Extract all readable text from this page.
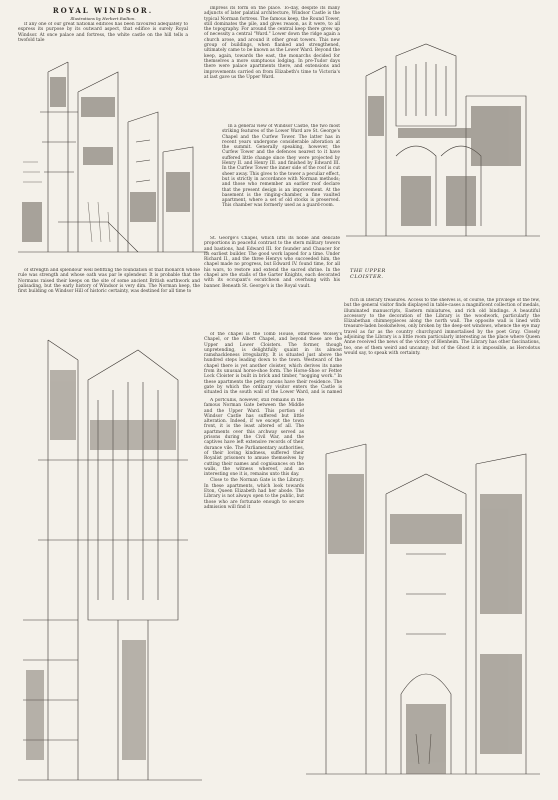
ROYAL WINDSOR.
Illustrations by Herbert Railton.

If any one of our great national edifices has been favoured adequately to express its purpose by its outward aspect, that edifice is surely Royal Windsor. At once palace and fortress, the white castle on the hill tells a twofold tale

impress its form on the place. To-day, despite its many adjuncts of later palatial architecture, Windsor Castle is the typical Norman fortress. The famous keep, the Round Tower, still dominates the pile, and gives reason, as it were, to all the topography. For around the central keep there grew up of necessity a central "Ward." Lower down the ridge again a church arose, and around it other great towers. This new group of buildings, when flanked and strengthened, ultimately came to be known as the Lower Ward. Beyond the keep, again, towards the east, the monarchs decided for themselves a more sumptuous lodging. In pre-Tudor days there were palace apartments there, and extensions and improvements carried on from Elizabeth's time to Victoria's at last gave us the Upper Ward.

In a general view of Windsor Castle, the two most striking features of the Lower Ward are St. George's Chapel and the Curfew Tower. The latter has in recent years undergone considerable alteration at the summit. Generally speaking, however, the Curfew Tower and the defences nearest to it have suffered little change since they were projected by Henry II. and Henry III. and finished by Edward III. In the Curfew Tower the inner side of the roof is cut sheer away. This gives to the tower a peculiar effect, but is strictly in accordance with Norman methods; and those who remember an earlier roof declare that the present design is an improvement. At the basement is the ringing-chamber, a fine vaulted apartment, where a set of old stocks is preserved. This chamber was formerly used as a guard-room.

St. George's Chapel, which lifts its noble and delicate proportions in peaceful contrast to the stern military towers and bastions, had Edward III. for founder and Chaucer for its earliest builder. The good work lapsed for a time. Under Richard II., and the three Henrys who succeeded him, the chapel made no progress, but Edward IV. found time, for all his wars, to restore and extend the sacred shrine. In the chapel are the stalls of the Garter Knights, each decorated with its occupant's escutcheon and overhung with his banner. Beneath St. George's is the Royal vault.

THE UPPER CLOISTER.

of strength and splendour well befitting the foundation of that monarch whose rule was strength and whose oath was par le splendeur. It is probable that the Normans raised their keeps on the site of some ancient British earthwork and palisading, but the early history of Windsor is very dim. The Norman keep, the first building on Windsor Hill of historic certainty, was destined for all time to

rich in literary treasures. Access to the shelves is, of course, the privilege of the few, but the general visitor finds displayed in table-cases a magnificent collection of medals, illuminated manuscripts, Eastern miniatures, and rich old bindings. A beautiful accessory to the decoration of the Library is the woodwork, particularly the Elizabethan chimneypieces along the north wall. The opposite wall is lined with treasure-laden bookshelves, only broken by the deep-set windows, whence the eye may travel as far as the country churchyard immortalised by the poet Gray. Closely adjoining the Library is a little room particularly interesting as the place where Queen Anne received the news of the victory of Blenheim. The Library has other fascinations, too, one of them weird and uncanny; but of the Ghost it is impossible, as Herodotus would say, to speak with certainty.

of the chapel is the Tomb House, otherwise Wolsey's Chapel, or the Albert Chapel, and beyond these are the Upper and Lower Cloisters. The former, though unpretending, is delightfully quaint in its almost ramshackleness irregularity. It is situated just above the hundred steps leading down to the town. Westward of the chapel there is yet another cloister, which derives its name from its unusual horse-shoe form. The Horse-Shoe or Fetter Lock Cloister is built in brick and timber, "nogging work." In these apartments the petty canons have their residence. The gate by which the ordinary visitor enters the Castle is situated in the south wall of the Lower Ward, and is named

A portcullis, however, still remains in the famous Norman Gate between the Middle and the Upper Ward. This portion of Windsor Castle has suffered but little alteration. Indeed, if we except the town front, it is the least altered of all. The apartments over this archway served as prisons during the Civil War, and the captives have left extensive records of their durance vile. The Parliamentary authorities, of their loving kindness, suffered their Royalist prisoners to amuse themselves by cutting their names and cognisances on the walls, the witness whereof, and an interesting one it is, remains unto this day.

Close to the Norman Gate is the Library. In these apartments, which look towards Eton, Queen Elizabeth had her abode. The Library is not always open to the public, but those who are fortunate enough to secure admission will find it
